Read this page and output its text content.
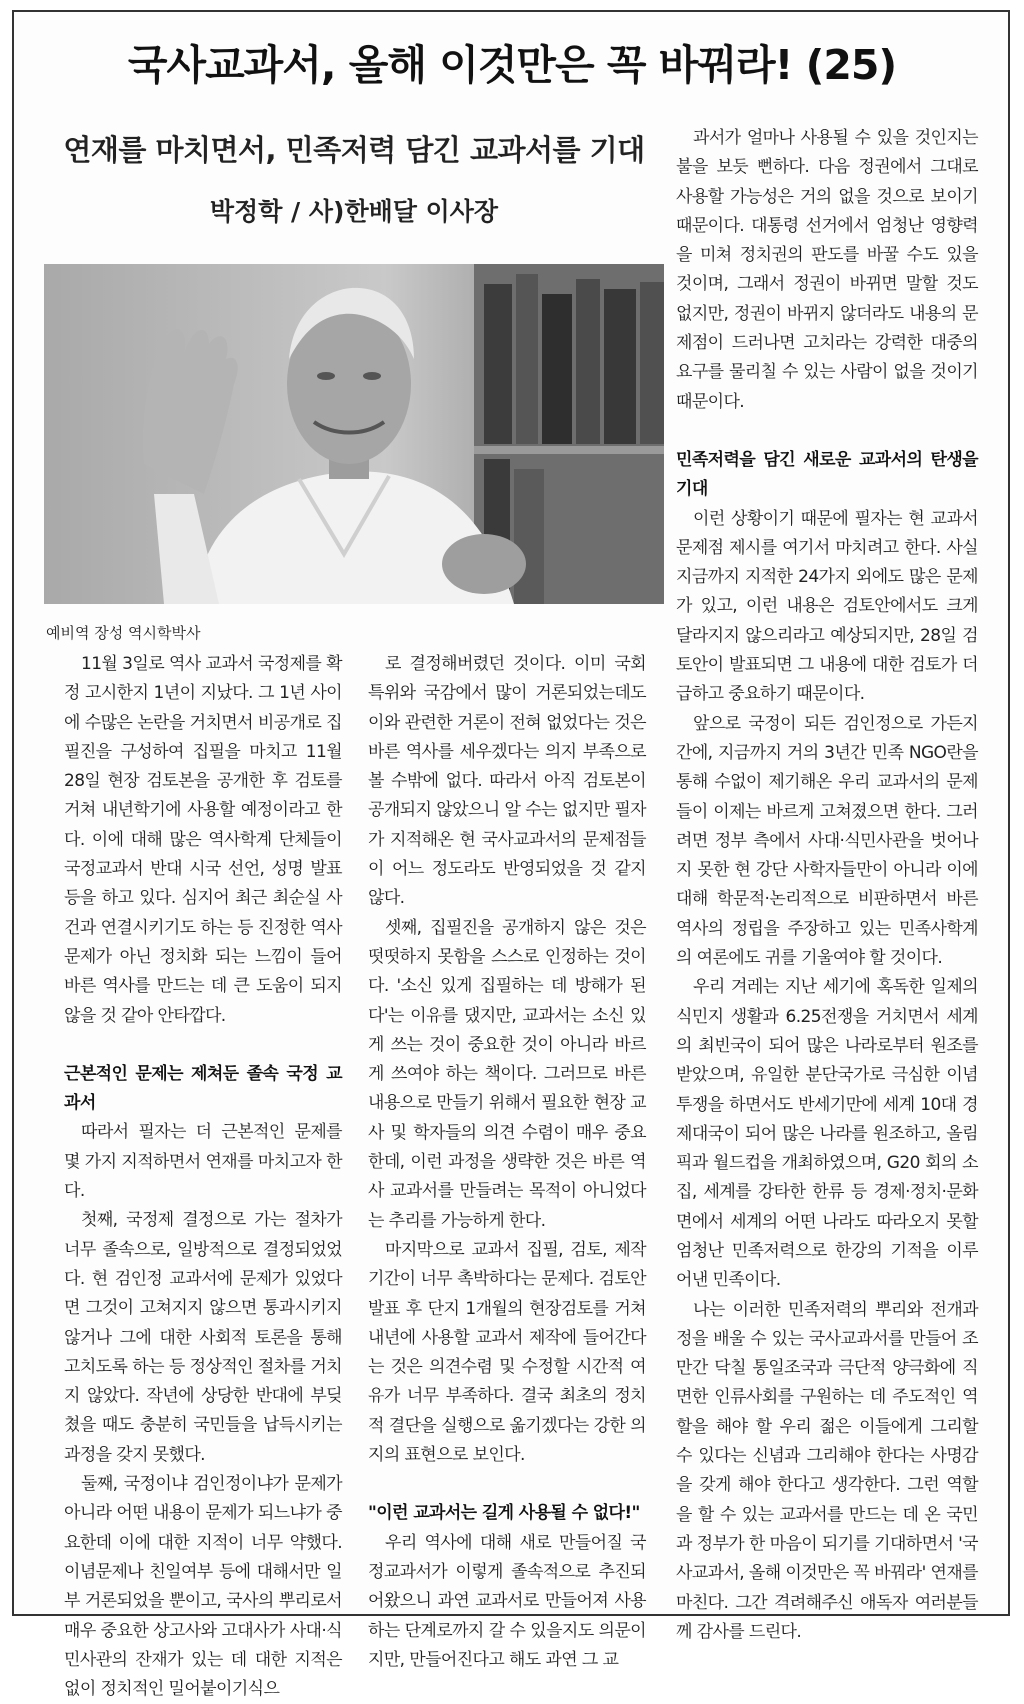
국사교과서, 올해 이것만은 꼭 바꿔라! (25)
연재를 마치면서, 민족저력 담긴 교과서를 기대
박정학 / 사)한배달 이사장
예비역 장성 역시학박사

11월 3일로 역사 교과서 국정제를 확정 고시한지 1년이 지났다. 그 1년 사이에 수많은 논란을 거치면서 비공개로 집필진을 구성하여 집필을 마치고 11월 28일 현장 검토본을 공개한 후 검토를 거쳐 내년학기에 사용할 예정이라고 한다. 이에 대해 많은 역사학계 단체들이 국정교과서 반대 시국 선언, 성명 발표 등을 하고 있다. 심지어 최근 최순실 사건과 연결시키기도 하는 등 진정한 역사 문제가 아닌 정치화 되는 느낌이 들어 바른 역사를 만드는 데 큰 도움이 되지 않을 것 같아 안타깝다.

근본적인 문제는 제쳐둔 졸속 국정 교과서

따라서 필자는 더 근본적인 문제를 몇 가지 지적하면서 연재를 마치고자 한다.

첫째, 국정제 결정으로 가는 절차가 너무 졸속으로, 일방적으로 결정되었었다. 현 검인정 교과서에 문제가 있었다면 그것이 고쳐지지 않으면 통과시키지 않거나 그에 대한 사회적 토론을 통해 고치도록 하는 등 정상적인 절차를 거치지 않았다. 작년에 상당한 반대에 부딪쳤을 때도 충분히 국민들을 납득시키는 과정을 갖지 못했다.

둘째, 국정이냐 검인정이냐가 문제가 아니라 어떤 내용이 문제가 되느냐가 중요한데 이에 대한 지적이 너무 약했다. 이념문제나 친일여부 등에 대해서만 일부 거론되었을 뿐이고, 국사의 뿌리로서 매우 중요한 상고사와 고대사가 사대·식민사관의 잔재가 있는 데 대한 지적은 없이 정치적인 밀어붙이기식으

로 결정해버렸던 것이다. 이미 국회 특위와 국감에서 많이 거론되었는데도 이와 관련한 거론이 전혀 없었다는 것은 바른 역사를 세우겠다는 의지 부족으로 볼 수밖에 없다. 따라서 아직 검토본이 공개되지 않았으니 알 수는 없지만 필자가 지적해온 현 국사교과서의 문제점들이 어느 정도라도 반영되었을 것 같지 않다.

셋째, 집필진을 공개하지 않은 것은 떳떳하지 못함을 스스로 인정하는 것이다. '소신 있게 집필하는 데 방해가 된다'는 이유를 댔지만, 교과서는 소신 있게 쓰는 것이 중요한 것이 아니라 바르게 쓰여야 하는 책이다. 그러므로 바른 내용으로 만들기 위해서 필요한 현장 교사 및 학자들의 의견 수렴이 매우 중요한데, 이런 과정을 생략한 것은 바른 역사 교과서를 만들려는 목적이 아니었다는 추리를 가능하게 한다.

마지막으로 교과서 집필, 검토, 제작 기간이 너무 촉박하다는 문제다. 검토안 발표 후 단지 1개월의 현장검토를 거쳐 내년에 사용할 교과서 제작에 들어간다는 것은 의견수렴 및 수정할 시간적 여유가 너무 부족하다. 결국 최초의 정치적 결단을 실행으로 옮기겠다는 강한 의지의 표현으로 보인다.

"이런 교과서는 길게 사용될 수 없다!"

우리 역사에 대해 새로 만들어질 국정교과서가 이렇게 졸속적으로 추진되어왔으니 과연 교과서로 만들어져 사용하는 단계로까지 갈 수 있을지도 의문이지만, 만들어진다고 해도 과연 그 교

과서가 얼마나 사용될 수 있을 것인지는 불을 보듯 뻔하다. 다음 정권에서 그대로 사용할 가능성은 거의 없을 것으로 보이기 때문이다. 대통령 선거에서 엄청난 영향력을 미쳐 정치권의 판도를 바꿀 수도 있을 것이며, 그래서 정권이 바뀌면 말할 것도 없지만, 정권이 바뀌지 않더라도 내용의 문제점이 드러나면 고치라는 강력한 대중의 요구를 물리칠 수 있는 사람이 없을 것이기 때문이다.

민족저력을 담긴 새로운 교과서의 탄생을 기대

이런 상황이기 때문에 필자는 현 교과서 문제점 제시를 여기서 마치려고 한다. 사실 지금까지 지적한 24가지 외에도 많은 문제가 있고, 이런 내용은 검토안에서도 크게 달라지지 않으리라고 예상되지만, 28일 검토안이 발표되면 그 내용에 대한 검토가 더 급하고 중요하기 때문이다.

앞으로 국정이 되든 검인정으로 가든지 간에, 지금까지 거의 3년간 민족 NGO란을 통해 수없이 제기해온 우리 교과서의 문제들이 이제는 바르게 고쳐졌으면 한다. 그러려면 정부 측에서 사대·식민사관을 벗어나지 못한 현 강단 사학자들만이 아니라 이에 대해 학문적·논리적으로 비판하면서 바른 역사의 정립을 주장하고 있는 민족사학계의 여론에도 귀를 기울여야 할 것이다.

우리 겨레는 지난 세기에 혹독한 일제의 식민지 생활과 6.25전쟁을 거치면서 세계의 최빈국이 되어 많은 나라로부터 원조를 받았으며, 유일한 분단국가로 극심한 이념투쟁을 하면서도 반세기만에 세계 10대 경제대국이 되어 많은 나라를 원조하고, 올림픽과 월드컵을 개최하였으며, G20 회의 소집, 세계를 강타한 한류 등 경제·정치·문화면에서 세계의 어떤 나라도 따라오지 못할 엄청난 민족저력으로 한강의 기적을 이루어낸 민족이다.

나는 이러한 민족저력의 뿌리와 전개과정을 배울 수 있는 국사교과서를 만들어 조만간 닥칠 통일조국과 극단적 양극화에 직면한 인류사회를 구원하는 데 주도적인 역할을 해야 할 우리 젊은 이들에게 그리할 수 있다는 신념과 그리해야 한다는 사명감을 갖게 해야 한다고 생각한다. 그런 역할을 할 수 있는 교과서를 만드는 데 온 국민과 정부가 한 마음이 되기를 기대하면서 '국사교과서, 올해 이것만은 꼭 바꿔라' 연재를 마친다. 그간 격려해주신 애독자 여러분들께 감사를 드린다.
